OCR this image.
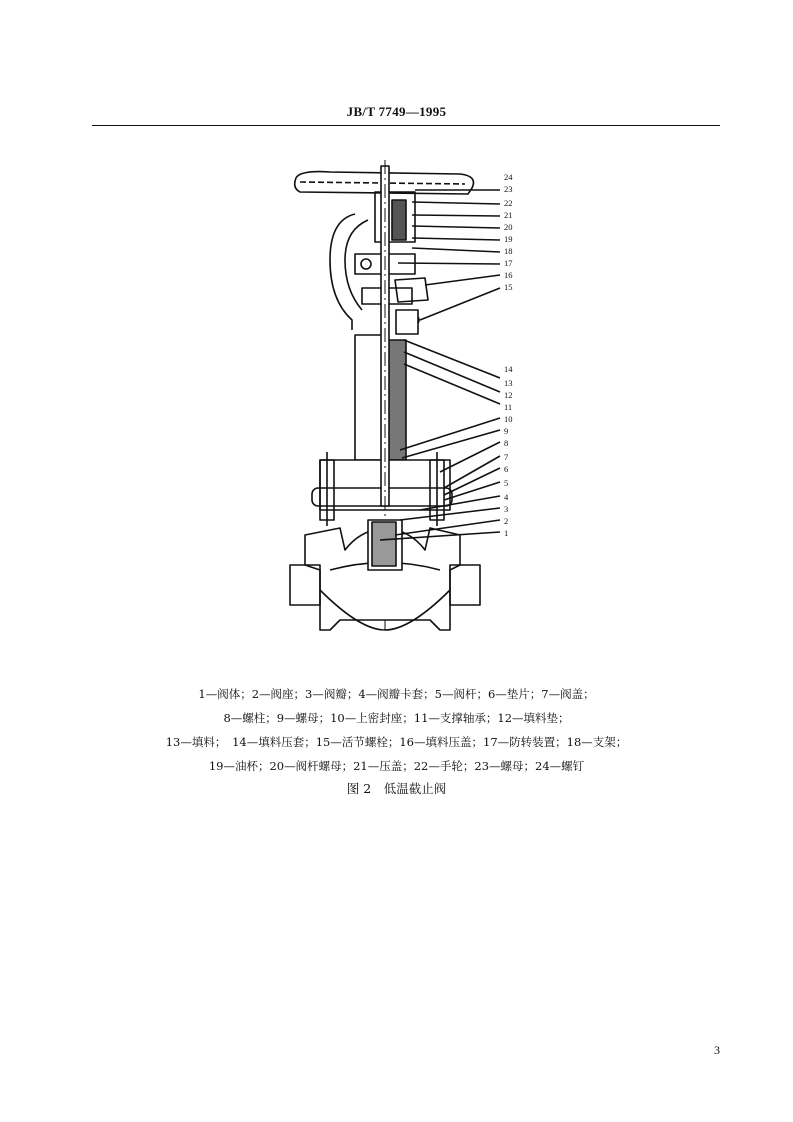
JB/T 7749—1995
24
23
22
21
20
19
18
17
16
15
14
13
12
11
10
9
8
7
6
5
4
3
2
1
1—阀体；2—阀座；3—阀瓣；4—阀瓣卡套；5—阀杆；6—垫片；7—阀盖；
8—螺柱；9—螺母；10—上密封座；11—支撑轴承；12—填料垫；
13—填料；　14—填料压套；15—活节螺栓；16—填料压盖；17—防转装置；18—支架；
19—油杯；20—阀杆螺母；21—压盖；22—手轮；23—螺母；24—螺钉
图 2　低温截止阀
3
